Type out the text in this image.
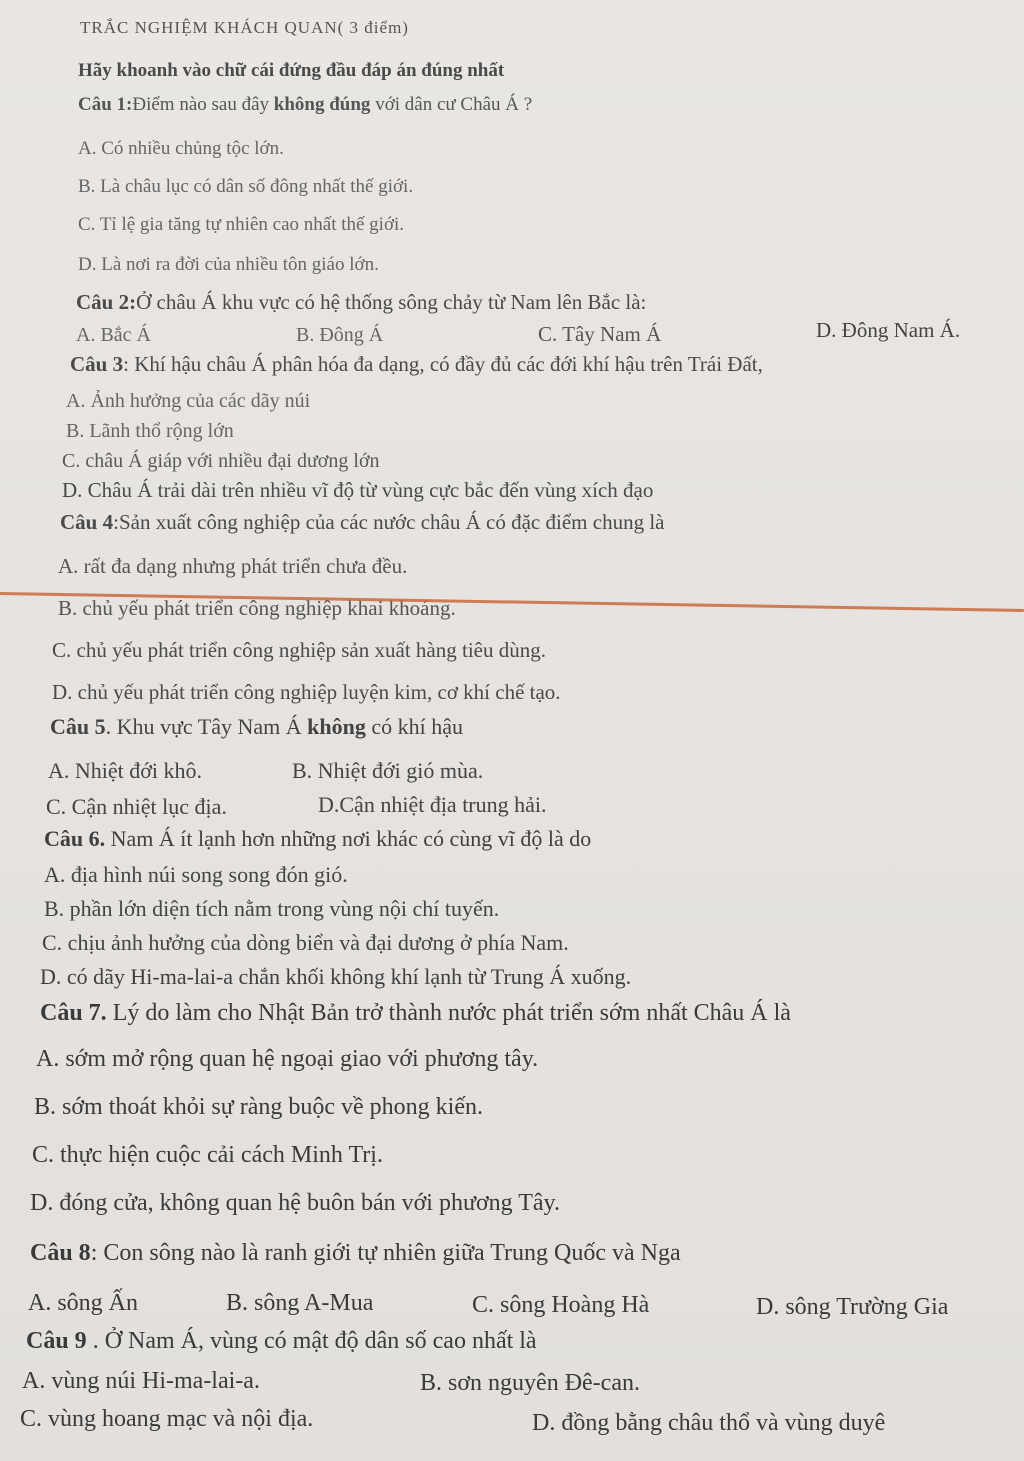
TRẮC NGHIỆM KHÁCH QUAN( 3 điểm)
Hãy khoanh vào chữ cái đứng đầu đáp án đúng nhất
Câu 1:Điểm nào sau đây không đúng với dân cư Châu Á ?
A. Có nhiều chủng tộc lớn.
B. Là châu lục có dân số đông nhất thế giới.
C. Tỉ lệ gia tăng tự nhiên cao nhất thế giới.
D. Là nơi ra đời của nhiều tôn giáo lớn.
Câu 2:Ở châu Á khu vực có hệ thống sông chảy từ Nam lên Bắc là:
A. Bắc Á	B. Đông Á	C. Tây Nam Á	D. Đông Nam Á.
Câu 3: Khí hậu châu Á phân hóa đa dạng, có đầy đủ các đới khí hậu trên Trái Đất,
A. Ảnh hưởng của các dãy núi
B. Lãnh thổ rộng lớn
C. châu Á giáp với nhiều đại dương lớn
D. Châu Á trải dài trên nhiều vĩ độ từ vùng cực bắc đến vùng xích đạo
Câu 4:Sản xuất công nghiệp của các nước châu Á có đặc điểm chung là
A. rất đa dạng nhưng phát triển chưa đều.
B. chủ yếu phát triển công nghiệp khai khoáng.
C. chủ yếu phát triển công nghiệp sản xuất hàng tiêu dùng.
D. chủ yếu phát triển công nghiệp luyện kim, cơ khí chế tạo.
Câu 5. Khu vực Tây Nam Á không có khí hậu
A. Nhiệt đới khô.	B. Nhiệt đới gió mùa.
C. Cận nhiệt lục địa.	D.Cận nhiệt địa trung hải.
Câu 6. Nam Á ít lạnh hơn những nơi khác có cùng vĩ độ là do
A. địa hình núi song song đón gió.
B. phần lớn diện tích nằm trong vùng nội chí tuyến.
C. chịu ảnh hưởng của dòng biển và đại dương ở phía Nam.
D. có dãy Hi-ma-lai-a chắn khối không khí lạnh từ Trung Á xuống.
Câu 7. Lý do làm cho Nhật Bản trở thành nước phát triển sớm nhất Châu Á là
A. sớm mở rộng quan hệ ngoại giao với phương tây.
B. sớm thoát khỏi sự ràng buộc về phong kiến.
C. thực hiện cuộc cải cách Minh Trị.
D. đóng cửa, không quan hệ buôn bán với phương Tây.
Câu 8: Con sông nào là ranh giới tự nhiên giữa Trung Quốc và Nga
A. sông Ấn	B. sông A-Mua	C. sông Hoàng Hà	D. sông Trường Gia
Câu 9 . Ở Nam Á, vùng có mật độ dân số cao nhất là
A. vùng núi Hi-ma-lai-a.	B. sơn nguyên Đê-can.
C. vùng hoang mạc và nội địa.	D. đồng bằng châu thổ và vùng duyê
